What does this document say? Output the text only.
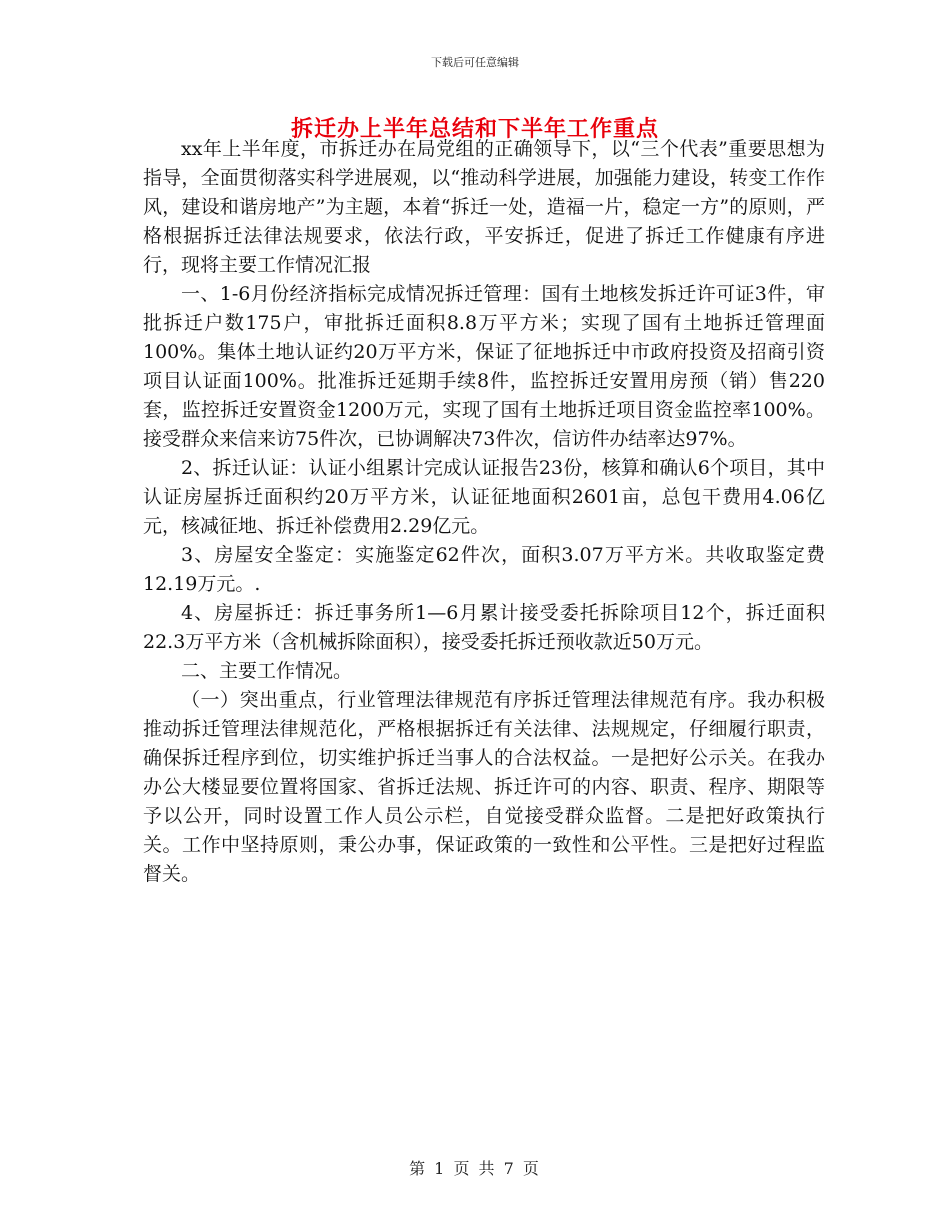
下载后可任意编辑
拆迁办上半年总结和下半年工作重点

xx年上半年度，市拆迁办在局党组的正确领导下，以“三个代表”重要思想为指导，全面贯彻落实科学进展观，以“推动科学进展，加强能力建设，转变工作作风，建设和谐房地产”为主题，本着“拆迁一处，造福一片，稳定一方”的原则，严格根据拆迁法律法规要求，依法行政，平安拆迁，促进了拆迁工作健康有序进行，现将主要工作情况汇报

一、1-6月份经济指标完成情况拆迁管理：国有土地核发拆迁许可证3件，审批拆迁户数175户，审批拆迁面积8.8万平方米；实现了国有土地拆迁管理面100%。集体土地认证约20万平方米，保证了征地拆迁中市政府投资及招商引资项目认证面100%。批准拆迁延期手续8件，监控拆迁安置用房预（销）售220套，监控拆迁安置资金1200万元，实现了国有土地拆迁项目资金监控率100%。接受群众来信来访75件次，已协调解决73件次，信访件办结率达97%。

2、拆迁认证：认证小组累计完成认证报告23份，核算和确认6个项目，其中认证房屋拆迁面积约20万平方米，认证征地面积2601亩，总包干费用4.06亿元，核减征地、拆迁补偿费用2.29亿元。

3、房屋安全鉴定：实施鉴定62件次，面积3.07万平方米。共收取鉴定费12.19万元。.

4、房屋拆迁：拆迁事务所1—6月累计接受委托拆除项目12个，拆迁面积22.3万平方米（含机械拆除面积），接受委托拆迁预收款近50万元。

二、主要工作情况。

（一）突出重点，行业管理法律规范有序拆迁管理法律规范有序。我办积极推动拆迁管理法律规范化，严格根据拆迁有关法律、法规规定，仔细履行职责，确保拆迁程序到位，切实维护拆迁当事人的合法权益。一是把好公示关。在我办办公大楼显要位置将国家、省拆迁法规、拆迁许可的内容、职责、程序、期限等予以公开，同时设置工作人员公示栏，自觉接受群众监督。二是把好政策执行关。工作中坚持原则，秉公办事，保证政策的一致性和公平性。三是把好过程监督关。

第 1 页 共 7 页
